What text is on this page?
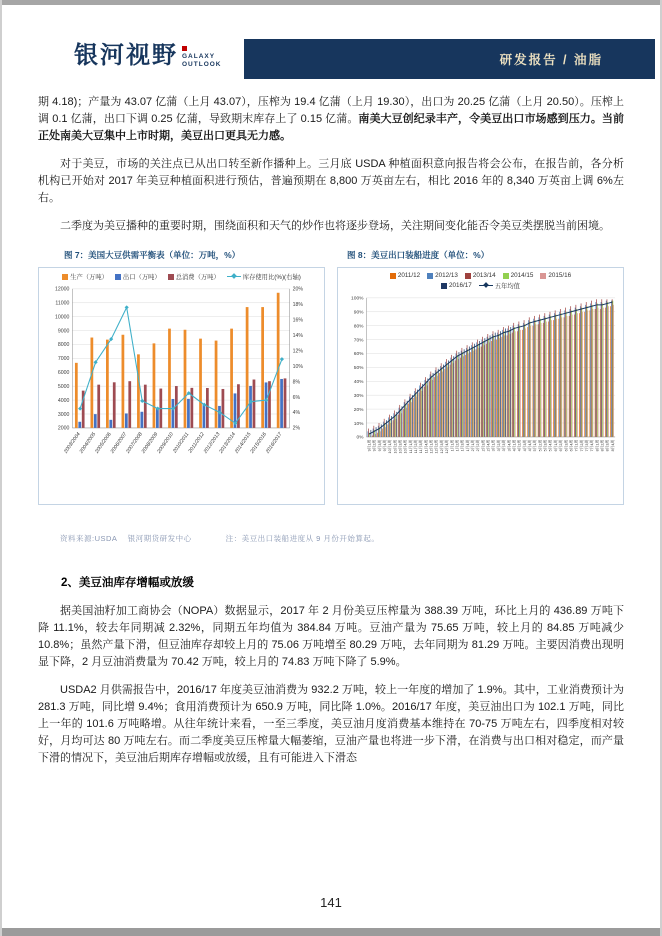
研发报告 / 油脂
银河视野 GALAXY
OUTLOOK

期 4.18)；产量为 43.07 亿蒲（上月 43.07），压榨为 19.4 亿蒲（上月 19.30），出口为 20.25 亿蒲（上月 20.50）。压榨上调 0.1 亿蒲，出口下调 0.25 亿蒲，导致期末库存上了 0.15 亿蒲。南美大豆创纪录丰产，令美豆出口市场感到压力。当前正处南美大豆集中上市时期，美豆出口更具无力感。

对于美豆，市场的关注点已从出口转至新作播种上。三月底 USDA 种植面积意向报告将会公布，在报告前，各分析机构已开始对 2017 年美豆种植面积进行预估，普遍预期在 8,800 万英亩左右，相比 2016 年的 8,340 万英亩上调 6%左右。

二季度为美豆播种的重要时期，围绕面积和天气的炒作也将逐步登场，关注期间变化能否令美豆类摆脱当前困境。

图 7：美国大豆供需平衡表（单位：万吨，%）	图 8：美豆出口装船进度（单位：%）
生产（万吨） 出口（万吨） 总消费（万吨）	库存使用比(%)(右轴)
2000
3000
4000
5000
6000
7000
8000
9000
10000
11000
12000
2%
4%
6%
8%
10%
12%
14%
16%
18%
20%
2003/2004
2004/2005
2005/2006
2006/2007
2007/2008
2008/2009
2009/2010
2010/2011
2011/2012
2012/2013
2013/2014
2014/2015
2015/2016
2016/2017
2011/12 2012/13 2013/14 2014/15 2015/16
2016/17	五年均值
0%
10%
20%
30%
40%
50%
60%
70%
80%
90%
100%
9月1周 9月2周 9月3周 9月4周 10月1周 10月2周 10月3周 10月4周 11月1周 11月2周 11月3周 11月4周 12月1周 12月2周 12月3周 12月4周 1月1周 1月2周 1月3周 1月4周 2月1周 2月2周 2月3周 2月4周 3月1周 3月2周 3月3周 3月4周 4月1周 4月2周 4月3周 4月4周 5月1周 5月2周 5月3周 5月4周 6月1周 6月2周 6月3周 6月4周 7月1周 7月2周 7月3周 7月4周 8月1周 8月2周 8月3周 8月4周
资料来源:USDA　 银河期货研发中心	注：美豆出口装船进度从 9 月份开始算起。
2、美豆油库存增幅或放缓

据美国油籽加工商协会（NOPA）数据显示，2017 年 2 月份美豆压榨量为 388.39 万吨，环比上月的 436.89 万吨下降 11.1%，较去年同期减 2.32%，同期五年均值为 384.84 万吨。豆油产量为 75.65 万吨，较上月的 84.85 万吨减少 10.8%；虽然产量下滑，但豆油库存却较上月的 75.06 万吨增至 80.29 万吨，去年同期为 81.29 万吨。主要因消费出现明显下降，2 月豆油消费量为 70.42 万吨，较上月的 74.83 万吨下降了 5.9%。

USDA2 月供需报告中，2016/17 年度美豆油消费为 932.2 万吨，较上一年度的增加了 1.9%。其中，工业消费预计为 281.3 万吨，同比增 9.4%；食用消费预计为 650.9 万吨，同比降 1.0%。2016/17 年度，美豆油出口为 102.1 万吨，同比上一年的 101.6 万吨略增。从往年统计来看，一至三季度，美豆油月度消费基本维持在 70-75 万吨左右，四季度相对较好，月均可达 80 万吨左右。而二季度美豆压榨量大幅萎缩，豆油产量也将进一步下滑，在消费与出口相对稳定，而产量下滑的情况下，美豆油后期库存增幅或放缓，且有可能进入下滑态

141
